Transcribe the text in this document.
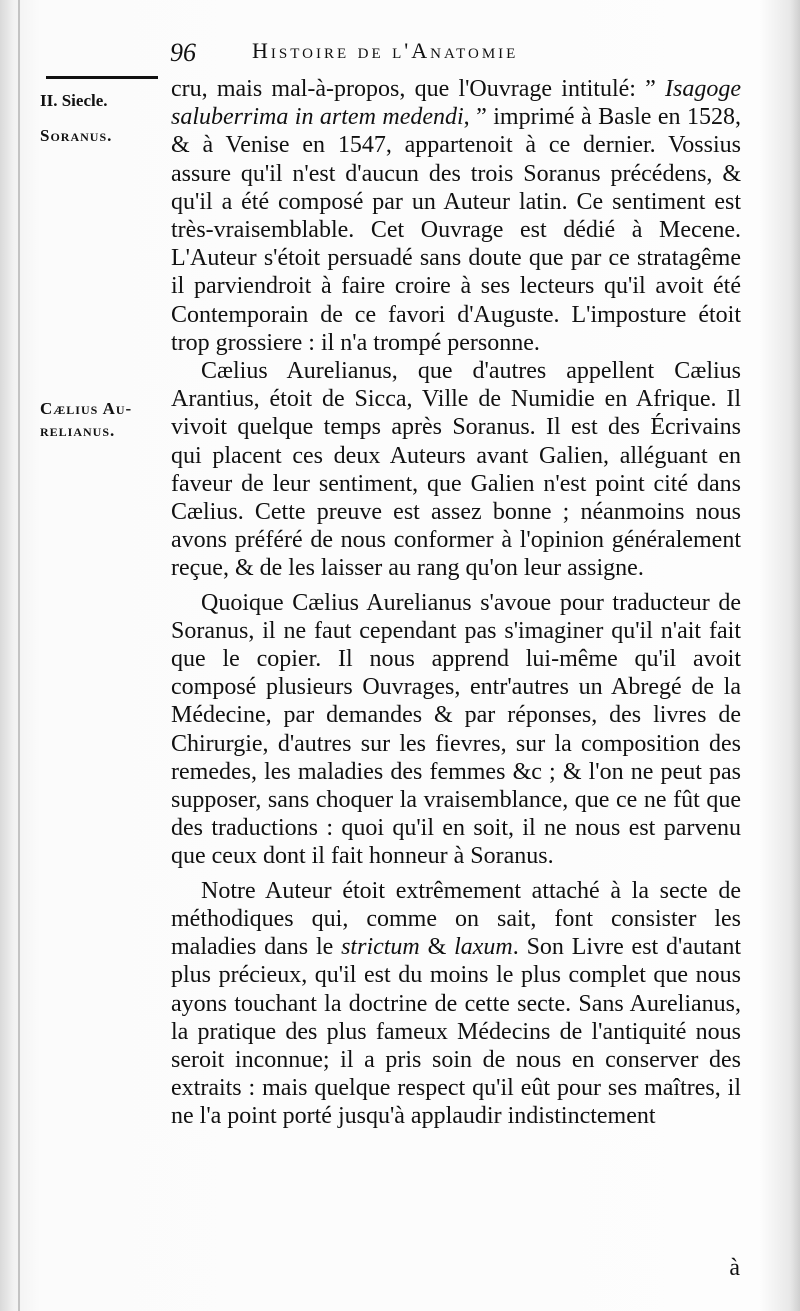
96	Histoire de l'Anatomie
II. Siecle.
Soranus.
Cælius Au-
relianus.

cru, mais mal-à-propos, que l'Ouvrage intitulé: ” Isagoge saluberrima in artem medendi, ” imprimé à Basle en 1528, & à Venise en 1547, appartenoit à ce dernier. Vossius assure qu'il n'est d'aucun des trois Soranus précédens, & qu'il a été composé par un Auteur latin. Ce sentiment est très-vraisemblable. Cet Ouvrage est dédié à Mecene. L'Auteur s'étoit persuadé sans doute que par ce stratagême il parviendroit à faire croire à ses lecteurs qu'il avoit été Contemporain de ce favori d'Auguste. L'imposture étoit trop grossiere : il n'a trompé personne.

Cælius Aurelianus, que d'autres appellent Cælius Arantius, étoit de Sicca, Ville de Numidie en Afrique. Il vivoit quelque temps après Soranus. Il est des Écrivains qui placent ces deux Auteurs avant Galien, alléguant en faveur de leur sentiment, que Galien n'est point cité dans Cælius. Cette preuve est assez bonne ; néanmoins nous avons préféré de nous conformer à l'opinion généralement reçue, & de les laisser au rang qu'on leur assigne.

Quoique Cælius Aurelianus s'avoue pour traducteur de Soranus, il ne faut cependant pas s'imaginer qu'il n'ait fait que le copier. Il nous apprend lui-même qu'il avoit composé plusieurs Ouvrages, entr'autres un Abregé de la Médecine, par demandes & par réponses, des livres de Chirurgie, d'autres sur les fievres, sur la composition des remedes, les maladies des femmes &c ; & l'on ne peut pas supposer, sans choquer la vraisemblance, que ce ne fût que des traductions : quoi qu'il en soit, il ne nous est parvenu que ceux dont il fait honneur à Soranus.

Notre Auteur étoit extrêmement attaché à la secte de méthodiques qui, comme on sait, font consister les maladies dans le strictum & laxum. Son Livre est d'autant plus précieux, qu'il est du moins le plus complet que nous ayons touchant la doctrine de cette secte. Sans Aurelianus, la pratique des plus fameux Médecins de l'antiquité nous seroit inconnue; il a pris soin de nous en conserver des extraits : mais quelque respect qu'il eût pour ses maîtres, il ne l'a point porté jusqu'à applaudir indistinctement

à
